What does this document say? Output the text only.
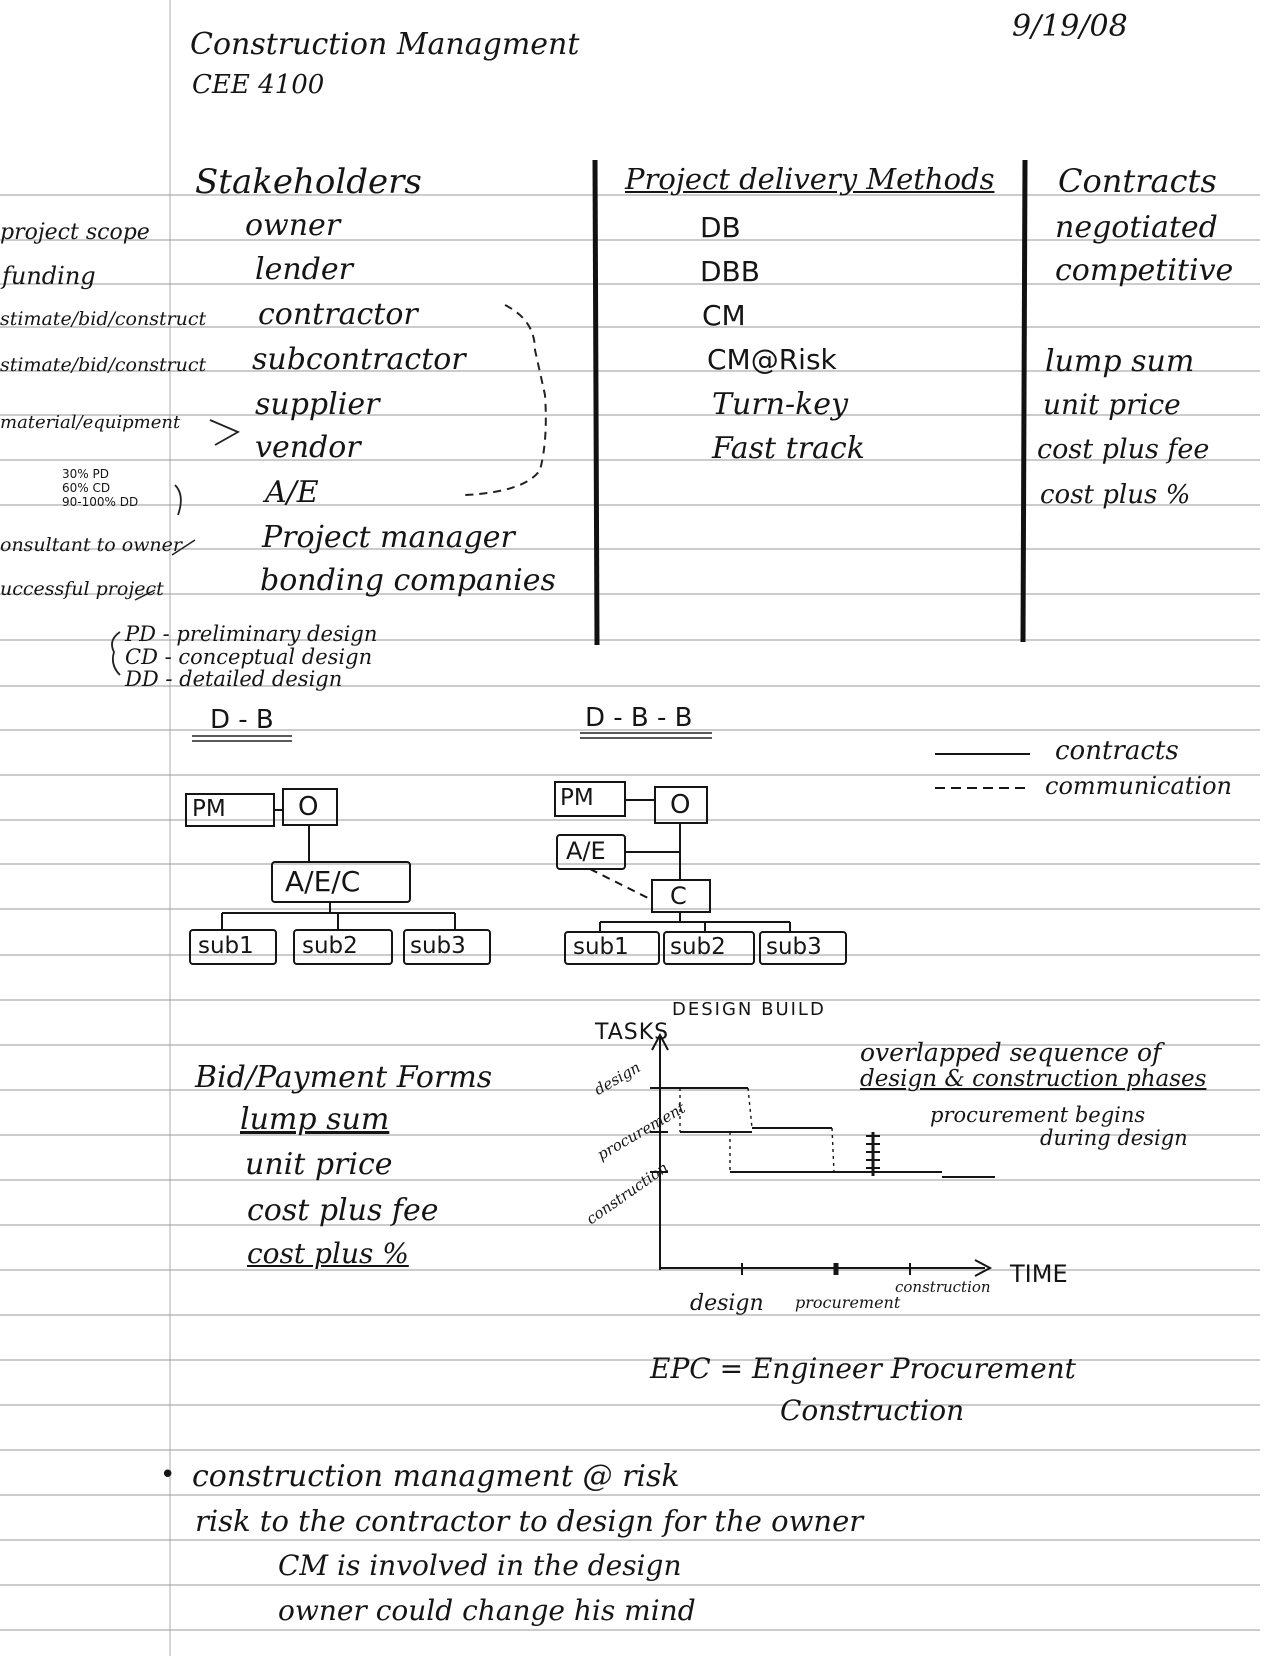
Construction Managment
CEE 4100
9/19/08
Stakeholders
owner
lender
contractor
subcontractor
supplier
vendor
A/E
Project manager
bonding companies
project scope
funding
stimate/bid/construct
stimate/bid/construct
material/equipment
onsultant to owner
uccessful project
30% PD
60% CD
90-100% DD
PD - preliminary design
CD - conceptual design
DD - detailed design
Project delivery Methods
DB
DBB
CM
CM@Risk
Turn-key
Fast track
Contracts
negotiated
competitive
lump sum
unit price
cost plus fee
cost plus %
D - B
PM	O
A/E/C
sub1 sub2 sub3
D - B - B
PM	O
A/E
C
sub1 sub2 sub3
contracts
communication
Bid/Payment Forms
lump sum
unit price
cost plus fee
cost plus %
DESIGN BUILD
TASKS
TIME
design
procurement
construction
design procurement
construction
overlapped sequence of
design & construction phases
procurement begins
during design
EPC = Engineer Procurement
Construction
• construction managment @ risk
risk to the contractor to design for the owner
CM is involved in the design
owner could change his mind
